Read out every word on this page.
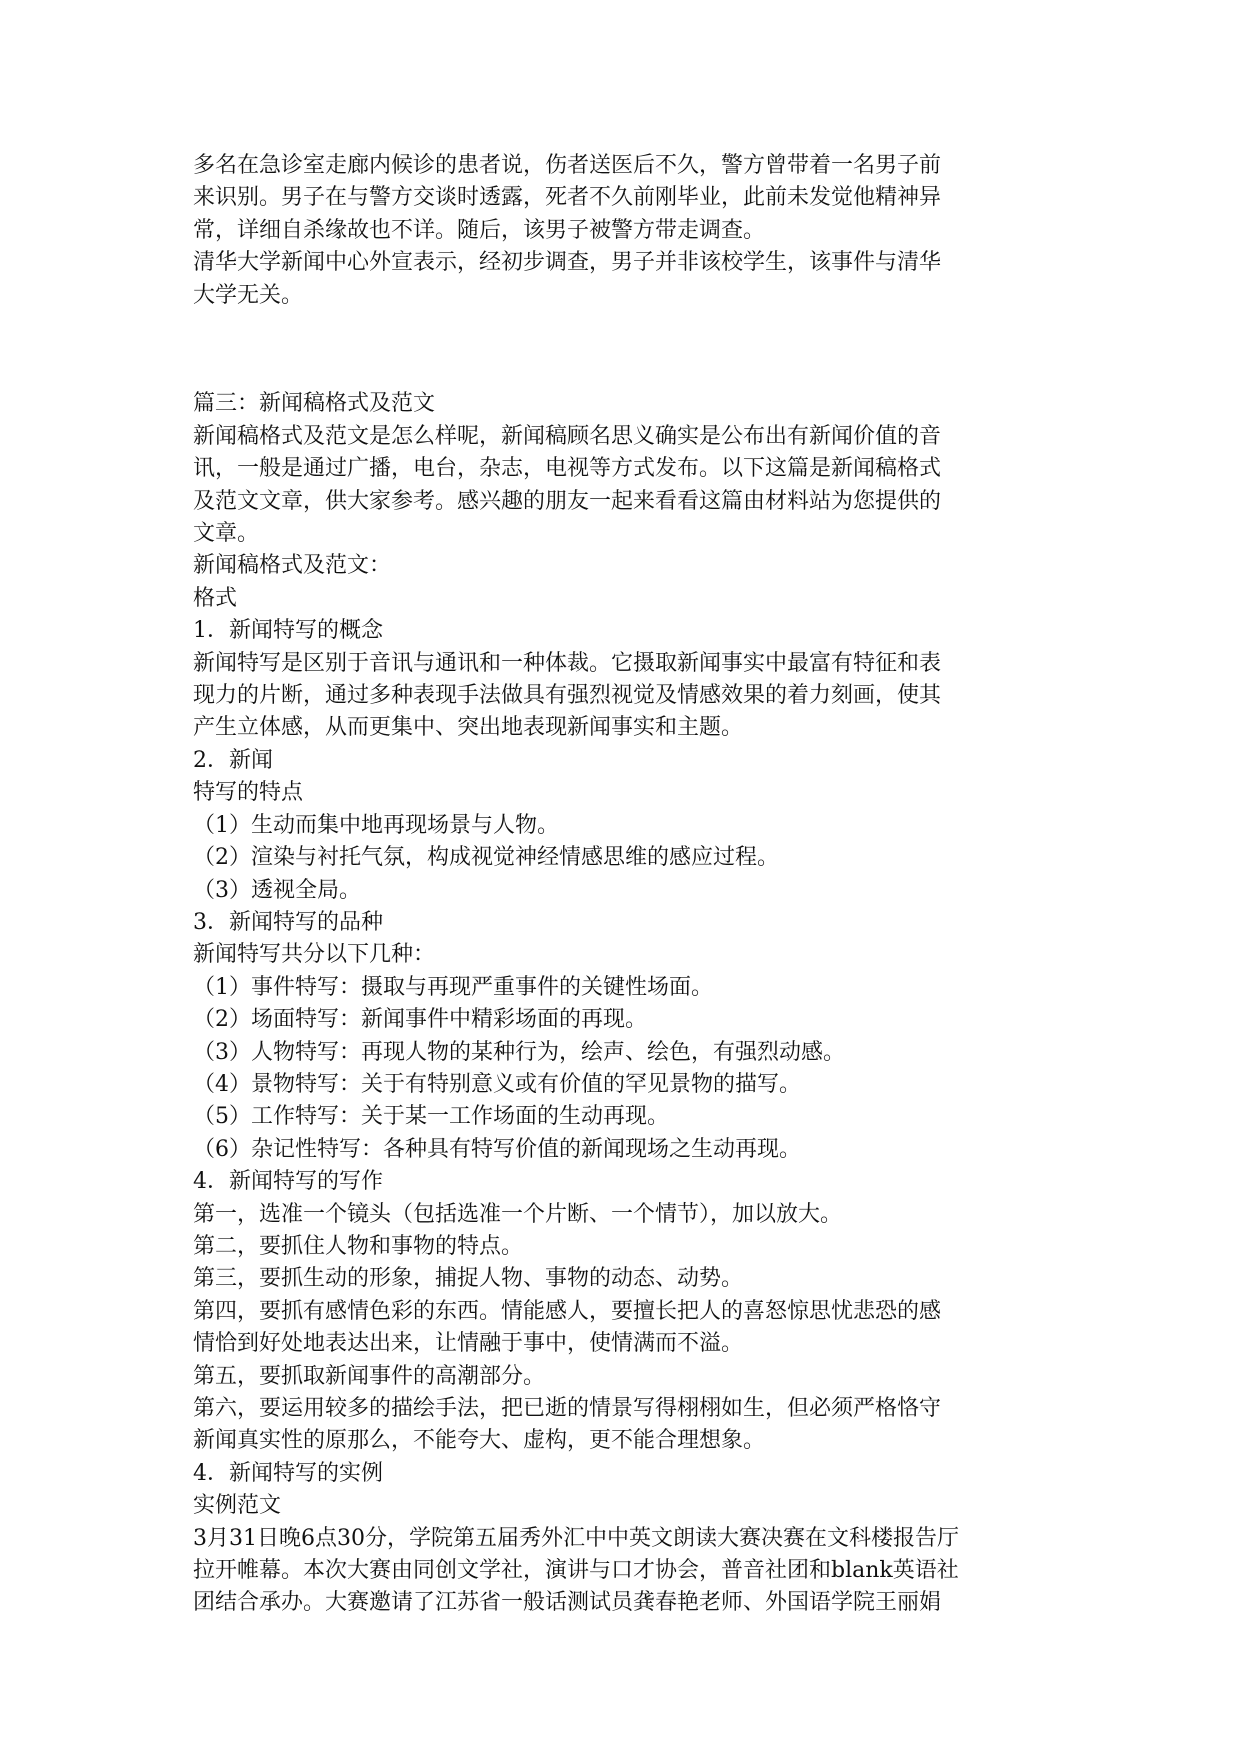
多名在急诊室走廊内候诊的患者说，伤者送医后不久，警方曾带着一名男子前

来识别。男子在与警方交谈时透露，死者不久前刚毕业，此前未发觉他精神异

常，详细自杀缘故也不详。随后，该男子被警方带走调查。

清华大学新闻中心外宣表示，经初步调查，男子并非该校学生，该事件与清华

大学无关。

篇三：新闻稿格式及范文

新闻稿格式及范文是怎么样呢，新闻稿顾名思义确实是公布出有新闻价值的音

讯，一般是通过广播，电台，杂志，电视等方式发布。以下这篇是新闻稿格式

及范文文章，供大家参考。感兴趣的朋友一起来看看这篇由材料站为您提供的

文章。

新闻稿格式及范文：

格式

1．新闻特写的概念

新闻特写是区别于音讯与通讯和一种体裁。它摄取新闻事实中最富有特征和表

现力的片断，通过多种表现手法做具有强烈视觉及情感效果的着力刻画，使其

产生立体感，从而更集中、突出地表现新闻事实和主题。

2．新闻

特写的特点

（1）生动而集中地再现场景与人物。

（2）渲染与衬托气氛，构成视觉神经情感思维的感应过程。

（3）透视全局。

3．新闻特写的品种

新闻特写共分以下几种：

（1）事件特写：摄取与再现严重事件的关键性场面。

（2）场面特写：新闻事件中精彩场面的再现。

（3）人物特写：再现人物的某种行为，绘声、绘色，有强烈动感。

（4）景物特写：关于有特别意义或有价值的罕见景物的描写。

（5）工作特写：关于某一工作场面的生动再现。

（6）杂记性特写：各种具有特写价值的新闻现场之生动再现。

4．新闻特写的写作

第一，选准一个镜头（包括选准一个片断、一个情节），加以放大。

第二，要抓住人物和事物的特点。

第三，要抓生动的形象，捕捉人物、事物的动态、动势。

第四，要抓有感情色彩的东西。情能感人，要擅长把人的喜怒惊思忧悲恐的感

情恰到好处地表达出来，让情融于事中，使情满而不溢。

第五，要抓取新闻事件的高潮部分。

第六，要运用较多的描绘手法，把已逝的情景写得栩栩如生，但必须严格恪守

新闻真实性的原那么，不能夸大、虚构，更不能合理想象。

4．新闻特写的实例

实例范文

3月31日晚6点30分，学院第五届秀外汇中中英文朗读大赛决赛在文科楼报告厅

拉开帷幕。本次大赛由同创文学社，演讲与口才协会，普音社团和blank英语社

团结合承办。大赛邀请了江苏省一般话测试员龚春艳老师、外国语学院王丽娟
